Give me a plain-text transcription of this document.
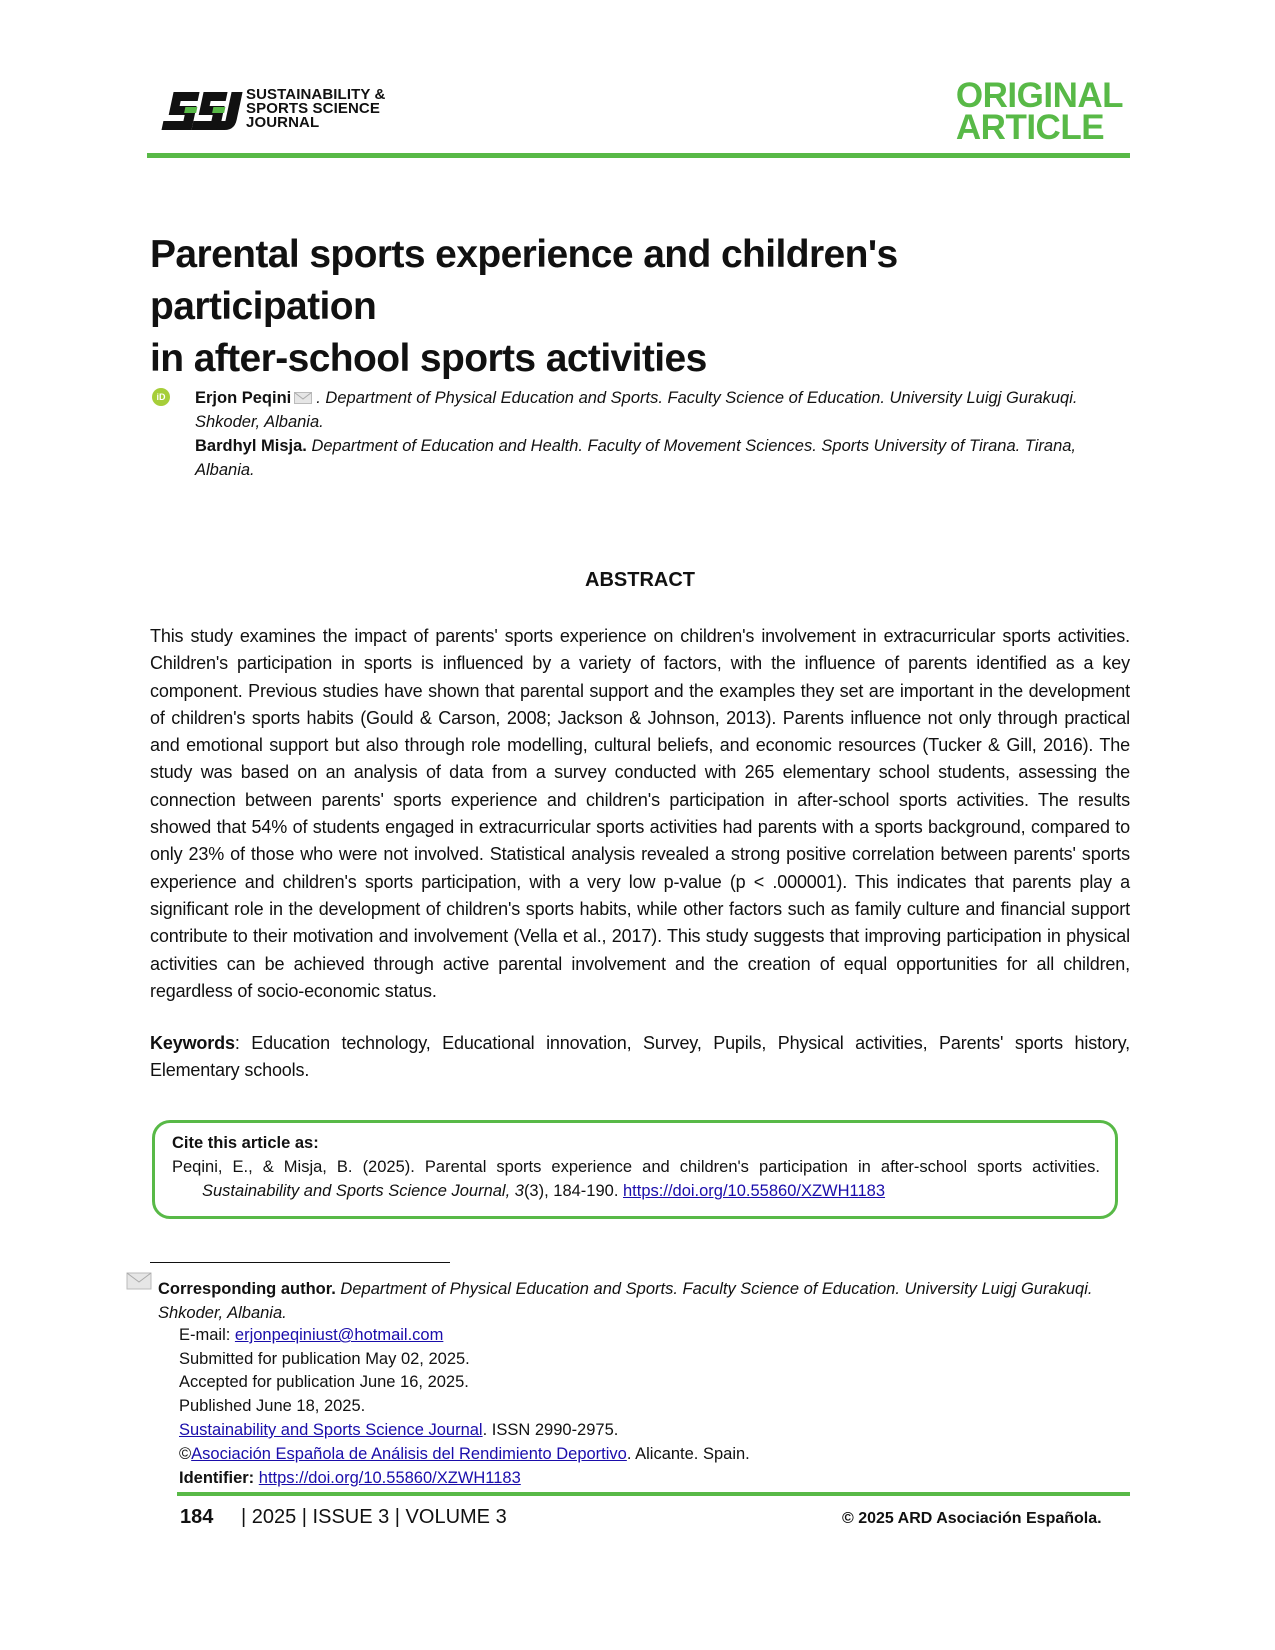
SUSTAINABILITY &
SPORTS SCIENCE
JOURNAL
ORIGINAL
ARTICLE
Parental sports experience and children's participation
in after-school sports activities
iD Erjon Peqini . Department of Physical Education and Sports. Faculty Science of Education. University Luigj Gurakuqi. Shkoder, Albania.
Bardhyl Misja. Department of Education and Health. Faculty of Movement Sciences. Sports University of Tirana. Tirana, Albania.
ABSTRACT
This study examines the impact of parents' sports experience on children's involvement in extracurricular sports activities. Children's participation in sports is influenced by a variety of factors, with the influence of parents identified as a key component. Previous studies have shown that parental support and the examples they set are important in the development of children's sports habits (Gould & Carson, 2008; Jackson & Johnson, 2013). Parents influence not only through practical and emotional support but also through role modelling, cultural beliefs, and economic resources (Tucker & Gill, 2016). The study was based on an analysis of data from a survey conducted with 265 elementary school students, assessing the connection between parents' sports experience and children's participation in after-school sports activities. The results showed that 54% of students engaged in extracurricular sports activities had parents with a sports background, compared to only 23% of those who were not involved. Statistical analysis revealed a strong positive correlation between parents' sports experience and children's sports participation, with a very low p-value (p < .000001). This indicates that parents play a significant role in the development of children's sports habits, while other factors such as family culture and financial support contribute to their motivation and involvement (Vella et al., 2017). This study suggests that improving participation in physical activities can be achieved through active parental involvement and the creation of equal opportunities for all children, regardless of socio-economic status.
Keywords: Education technology, Educational innovation, Survey, Pupils, Physical activities, Parents' sports history, Elementary schools.
Cite this article as:
Peqini, E., & Misja, B. (2025). Parental sports experience and children's participation in after-school sports activities.
Sustainability and Sports Science Journal, 3(3), 184-190. https://doi.org/10.55860/XZWH1183
Corresponding author. Department of Physical Education and Sports. Faculty Science of Education. University Luigj Gurakuqi. Shkoder, Albania.
E-mail: erjonpeqiniust@hotmail.com
Submitted for publication May 02, 2025.
Accepted for publication June 16, 2025.
Published June 18, 2025.
Sustainability and Sports Science Journal. ISSN 2990-2975.
©Asociación Española de Análisis del Rendimiento Deportivo. Alicante. Spain.
Identifier: https://doi.org/10.55860/XZWH1183
184 | 2025 | ISSUE 3 | VOLUME 3	© 2025 ARD Asociación Española.
